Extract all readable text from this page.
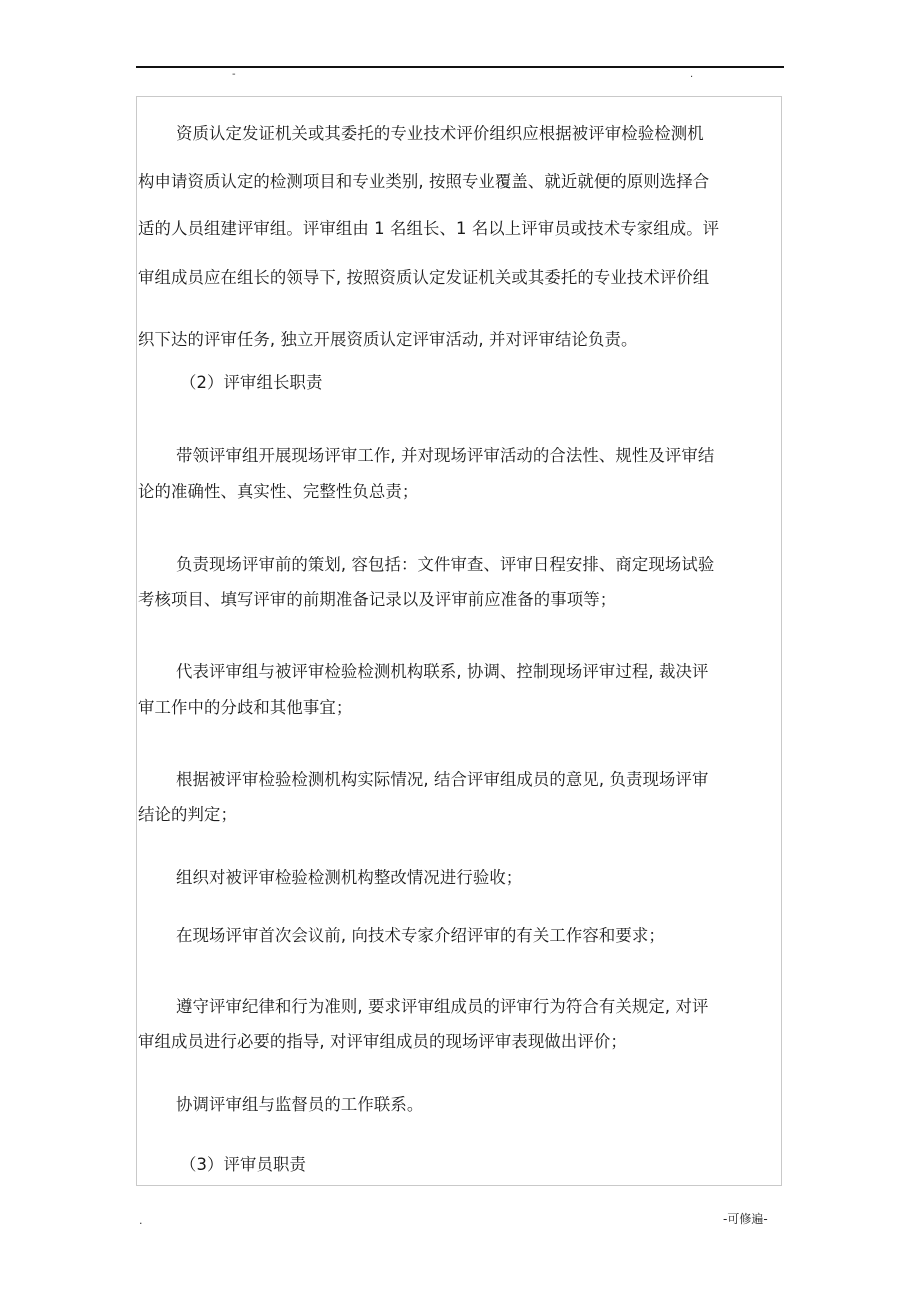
-	.
资质认定发证机关或其委托的专业技术评价组织应根据被评审检验检测机
构申请资质认定的检测项目和专业类别, 按照专业覆盖、就近就便的原则选择合
适的人员组建评审组。评审组由 1 名组长、1 名以上评审员或技术专家组成。评
审组成员应在组长的领导下, 按照资质认定发证机关或其委托的专业技术评价组
织下达的评审任务, 独立开展资质认定评审活动, 并对评审结论负责。
（2）评审组长职责
带领评审组开展现场评审工作, 并对现场评审活动的合法性、规性及评审结
论的准确性、真实性、完整性负总责；
负责现场评审前的策划, 容包括：文件审查、评审日程安排、商定现场试验
考核项目、填写评审的前期准备记录以及评审前应准备的事项等；
代表评审组与被评审检验检测机构联系, 协调、控制现场评审过程, 裁决评
审工作中的分歧和其他事宜；
根据被评审检验检测机构实际情况, 结合评审组成员的意见, 负责现场评审
结论的判定；
组织对被评审检验检测机构整改情况进行验收；
在现场评审首次会议前, 向技术专家介绍评审的有关工作容和要求；
遵守评审纪律和行为准则, 要求评审组成员的评审行为符合有关规定, 对评
审组成员进行必要的指导, 对评审组成员的现场评审表现做出评价；
协调评审组与监督员的工作联系。
（3）评审员职责
.	-可修遍-
